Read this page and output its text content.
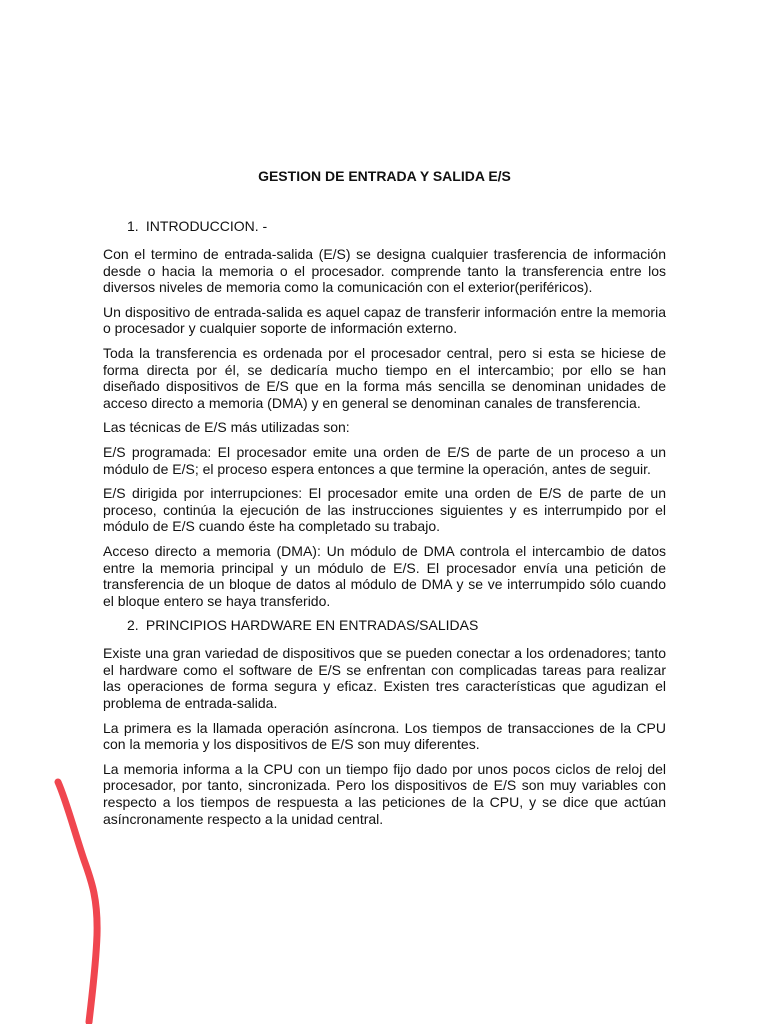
GESTION DE ENTRADA Y SALIDA E/S
1. INTRODUCCION. -

Con el termino de entrada-salida (E/S) se designa cualquier trasferencia de información desde o hacia la memoria o el procesador. comprende tanto la transferencia entre los diversos niveles de memoria como la comunicación con el exterior(periféricos).

Un dispositivo de entrada-salida es aquel capaz de transferir información entre la memoria o procesador y cualquier soporte de información externo.

Toda la transferencia es ordenada por el procesador central, pero si esta se hiciese de forma directa por él, se dedicaría mucho tiempo en el intercambio; por ello se han diseñado dispositivos de E/S que en la forma más sencilla se denominan unidades de acceso directo a memoria (DMA) y en general se denominan canales de transferencia.

Las técnicas de E/S más utilizadas son:

E/S programada: El procesador emite una orden de E/S de parte de un proceso a un módulo de E/S; el proceso espera entonces a que termine la operación, antes de seguir.

E/S dirigida por interrupciones: El procesador emite una orden de E/S de parte de un proceso, continúa la ejecución de las instrucciones siguientes y es interrumpido por el módulo de E/S cuando éste ha completado su trabajo.

Acceso directo a memoria (DMA): Un módulo de DMA controla el intercambio de datos entre la memoria principal y un módulo de E/S. El procesador envía una petición de transferencia de un bloque de datos al módulo de DMA y se ve interrumpido sólo cuando el bloque entero se haya transferido.

2. PRINCIPIOS HARDWARE EN ENTRADAS/SALIDAS

Existe una gran variedad de dispositivos que se pueden conectar a los ordenadores; tanto el hardware como el software de E/S se enfrentan con complicadas tareas para realizar las operaciones de forma segura y eficaz. Existen tres características que agudizan el problema de entrada-salida.

La primera es la llamada operación asíncrona. Los tiempos de transacciones de la CPU con la memoria y los dispositivos de E/S son muy diferentes.

La memoria informa a la CPU con un tiempo fijo dado por unos pocos ciclos de reloj del procesador, por tanto, sincronizada. Pero los dispositivos de E/S son muy variables con respecto a los tiempos de respuesta a las peticiones de la CPU, y se dice que actúan asíncronamente respecto a la unidad central.
